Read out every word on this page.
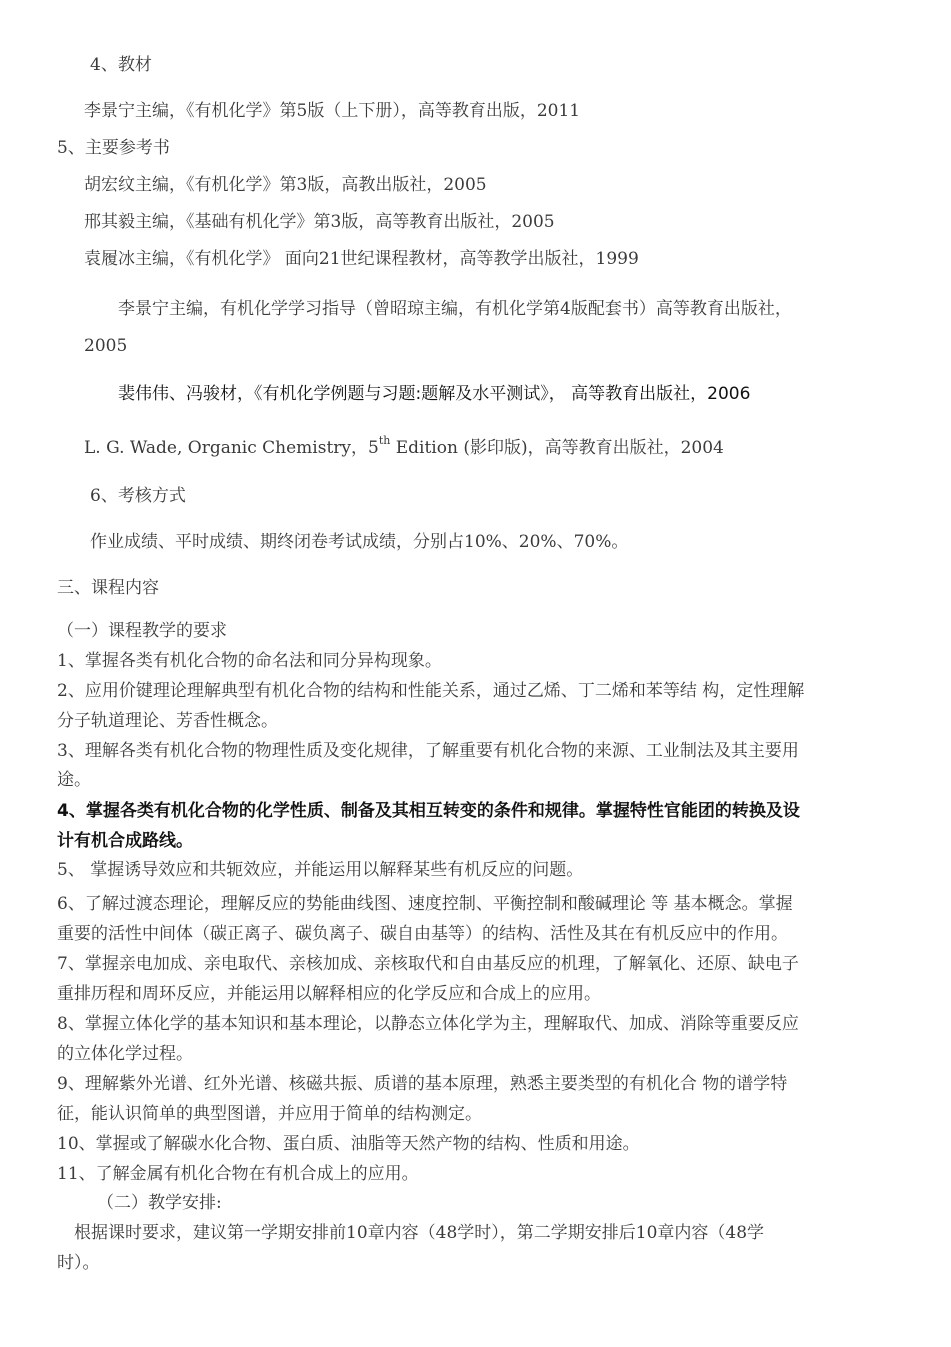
4、教材
李景宁主编，《有机化学》第5版（上下册），高等教育出版，2011
5、主要参考书
胡宏纹主编，《有机化学》第3版，高教出版社，2005
邢其毅主编，《基础有机化学》第3版，高等教育出版社，2005
袁履冰主编，《有机化学》 面向21世纪课程教材，高等教学出版社，1999
李景宁主编，有机化学学习指导（曾昭琼主编，有机化学第4版配套书）高等教育出版社，
2005
裴伟伟、冯骏材，《有机化学例题与习题:题解及水平测试》， 高等教育出版社，2006
L. G. Wade, Organic Chemistry，5th Edition (影印版)，高等教育出版社，2004
6、考核方式
作业成绩、平时成绩、期终闭卷考试成绩，分别占10%、20%、70%。
三、课程内容
（一）课程教学的要求
1、掌握各类有机化合物的命名法和同分异构现象。
2、应用价键理论理解典型有机化合物的结构和性能关系，通过乙烯、丁二烯和苯等结 构，定性理解
分子轨道理论、芳香性概念。
3、理解各类有机化合物的物理性质及变化规律，了解重要有机化合物的来源、工业制法及其主要用
途。
4、掌握各类有机化合物的化学性质、制备及其相互转变的条件和规律。掌握特性官能团的转换及设
计有机合成路线。
5、 掌握诱导效应和共轭效应，并能运用以解释某些有机反应的问题。
6、了解过渡态理论，理解反应的势能曲线图、速度控制、平衡控制和酸碱理论 等 基本概念。掌握
重要的活性中间体（碳正离子、碳负离子、碳自由基等）的结构、活性及其在有机反应中的作用。
7、掌握亲电加成、亲电取代、亲核加成、亲核取代和自由基反应的机理，了解氧化、还原、缺电子
重排历程和周环反应，并能运用以解释相应的化学反应和合成上的应用。
8、掌握立体化学的基本知识和基本理论，以静态立体化学为主，理解取代、加成、消除等重要反应
的立体化学过程。
9、理解紫外光谱、红外光谱、核磁共振、质谱的基本原理，熟悉主要类型的有机化合 物的谱学特
征，能认识简单的典型图谱，并应用于简单的结构测定。
10、掌握或了解碳水化合物、蛋白质、油脂等天然产物的结构、性质和用途。
11、了解金属有机化合物在有机合成上的应用。
（二）教学安排:
根据课时要求，建议第一学期安排前10章内容（48学时），第二学期安排后10章内容（48学
时）。
